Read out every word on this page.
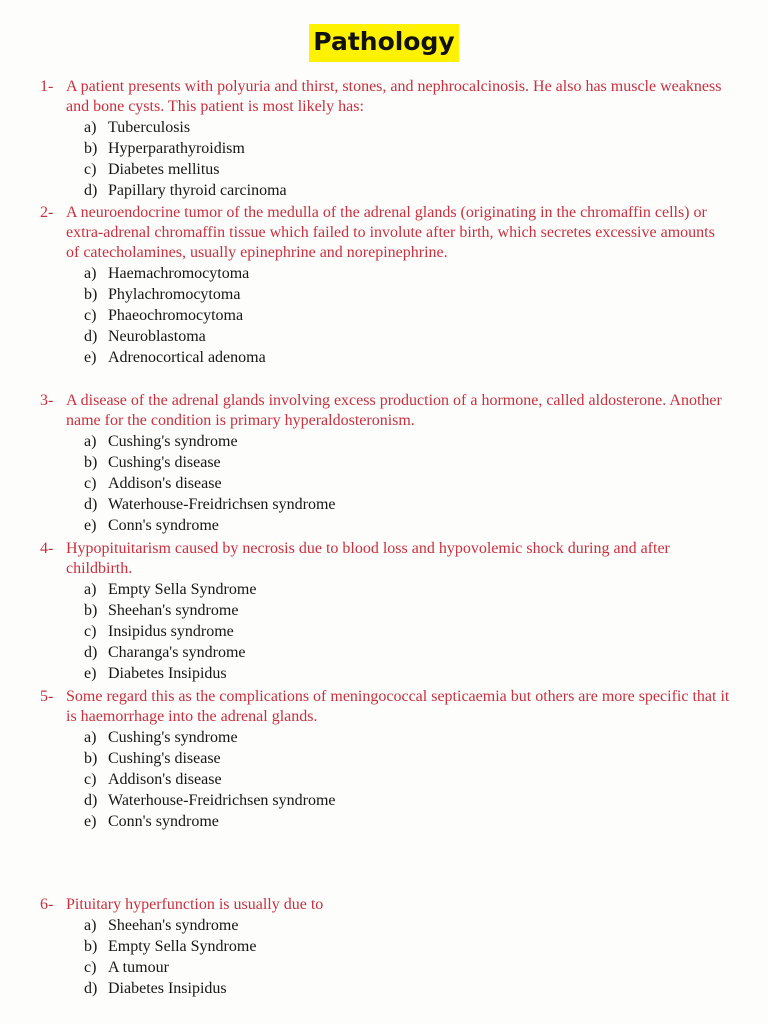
Pathology
1- A patient presents with polyuria and thirst, stones, and nephrocalcinosis. He also has muscle weakness and bone cysts. This patient is most likely has:
a) Tuberculosis
b) Hyperparathyroidism
c) Diabetes mellitus
d) Papillary thyroid carcinoma
2- A neuroendocrine tumor of the medulla of the adrenal glands (originating in the chromaffin cells) or extra-adrenal chromaffin tissue which failed to involute after birth, which secretes excessive amounts of catecholamines, usually epinephrine and norepinephrine.
a) Haemachromocytoma
b) Phylachromocytoma
c) Phaeochromocytoma
d) Neuroblastoma
e) Adrenocortical adenoma
3- A disease of the adrenal glands involving excess production of a hormone, called aldosterone. Another name for the condition is primary hyperaldosteronism.
a) Cushing's syndrome
b) Cushing's disease
c) Addison's disease
d) Waterhouse-Freidrichsen syndrome
e) Conn's syndrome
4- Hypopituitarism caused by necrosis due to blood loss and hypovolemic shock during and after childbirth.
a) Empty Sella Syndrome
b) Sheehan's syndrome
c) Insipidus syndrome
d) Charanga's syndrome
e) Diabetes Insipidus
5- Some regard this as the complications of meningococcal septicaemia but others are more specific that it is haemorrhage into the adrenal glands.
a) Cushing's syndrome
b) Cushing's disease
c) Addison's disease
d) Waterhouse-Freidrichsen syndrome
e) Conn's syndrome
6- Pituitary hyperfunction is usually due to
a) Sheehan's syndrome
b) Empty Sella Syndrome
c) A tumour
d) Diabetes Insipidus
